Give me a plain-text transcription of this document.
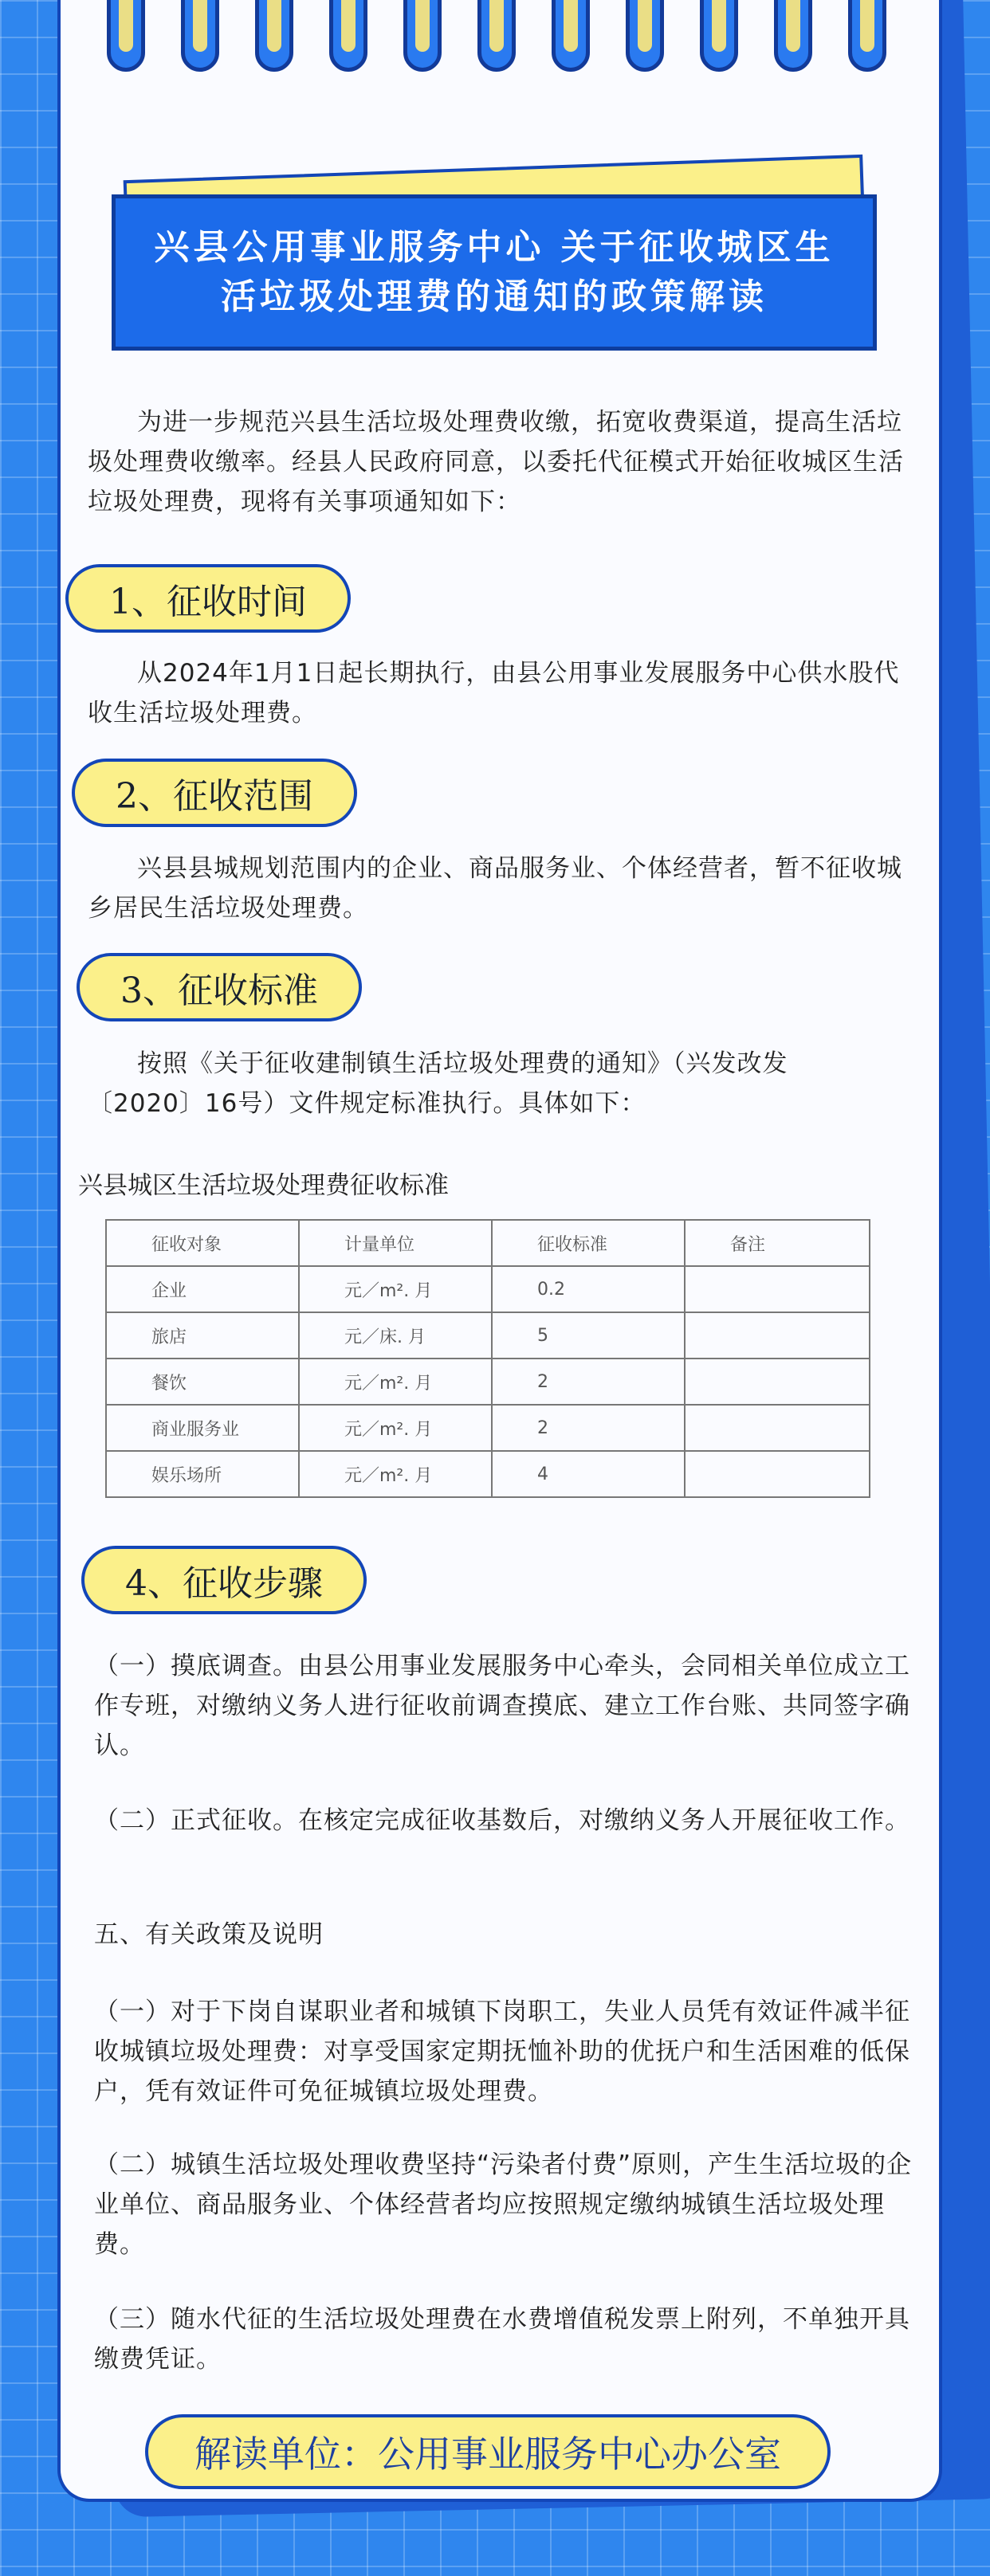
兴县公用事业服务中心 关于征收城区生活垃圾处理费的通知的政策解读
为进一步规范兴县生活垃圾处理费收缴，拓宽收费渠道，提高生活垃圾处理费收缴率。经县人民政府同意，以委托代征模式开始征收城区生活垃圾处理费，现将有关事项通知如下：
1、征收时间
从2024年1月1日起长期执行，由县公用事业发展服务中心供水股代收生活垃圾处理费。
2、征收范围
兴县县城规划范围内的企业、商品服务业、个体经营者，暂不征收城乡居民生活垃圾处理费。
3、征收标准
按照《关于征收建制镇生活垃圾处理费的通知》（兴发改发〔2020〕16号）文件规定标准执行。具体如下：
兴县城区生活垃圾处理费征收标准
征收对象	计量单位	征收标准	备注
企业	元／m². 月	0.2	
旅店	元／床. 月	5	
餐饮	元／m². 月	2	
商业服务业	元／m². 月	2	
娱乐场所	元／m². 月	4	
4、征收步骤
（一）摸底调查。由县公用事业发展服务中心牵头，会同相关单位成立工作专班，对缴纳义务人进行征收前调查摸底、建立工作台账、共同签字确认。
（二）正式征收。在核定完成征收基数后，对缴纳义务人开展征收工作。
五、有关政策及说明
（一）对于下岗自谋职业者和城镇下岗职工，失业人员凭有效证件减半征收城镇垃圾处理费：对享受国家定期抚恤补助的优抚户和生活困难的低保户，凭有效证件可免征城镇垃圾处理费。
（二）城镇生活垃圾处理收费坚持“污染者付费”原则，产生生活垃圾的企业单位、商品服务业、个体经营者均应按照规定缴纳城镇生活垃圾处理费。
（三）随水代征的生活垃圾处理费在水费增值税发票上附列，不单独开具缴费凭证。
解读单位：公用事业服务中心办公室
